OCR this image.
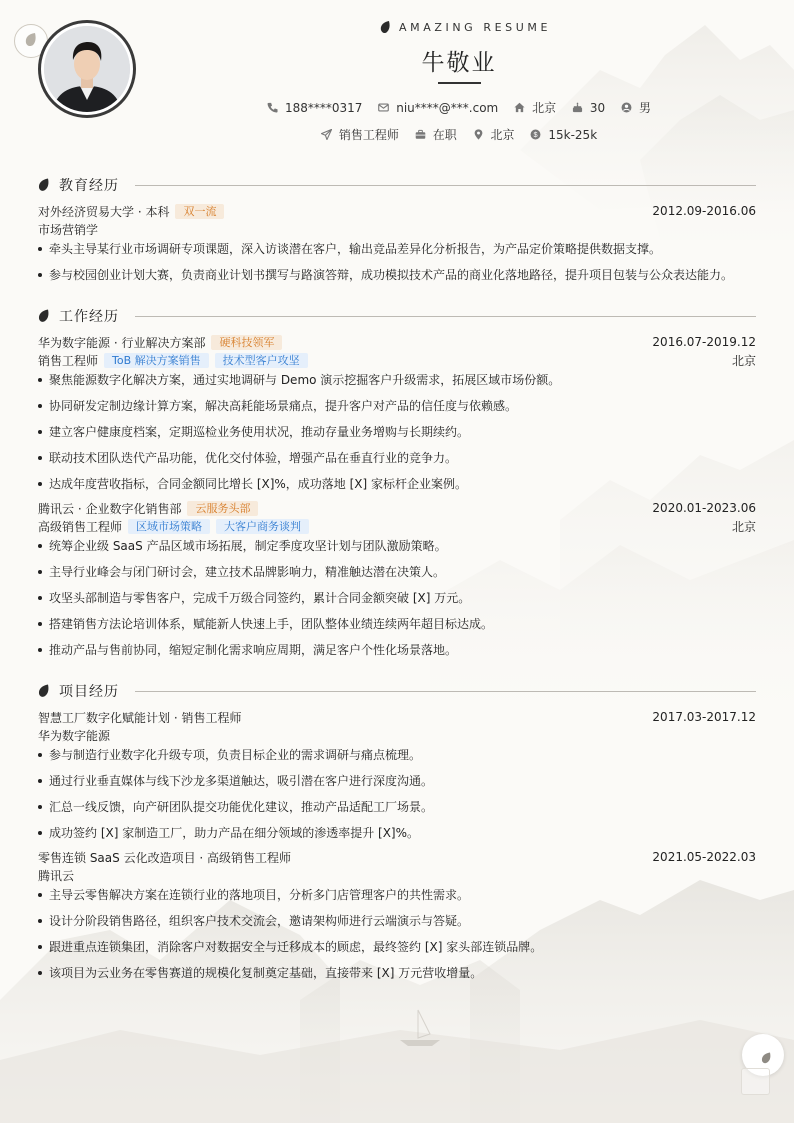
AMAZING RESUME
牛敬业
188****0317
	niu****@***.com
	北京
	30
	男
销售工程师
	在职
	北京
$ 15k-25k
教育经历
对外经济贸易大学 · 本科	双一流	2012.09-2016.06
市场营销学
牵头主导某行业市场调研专项课题，深入访谈潜在客户，输出竞品差异化分析报告，为产品定价策略提供数据支撑。
参与校园创业计划大赛，负责商业计划书撰写与路演答辩，成功模拟技术产品的商业化落地路径，提升项目包装与公众表达能力。
工作经历
华为数字能源 · 行业解决方案部	硬科技领军	2016.07-2019.12
销售工程师	ToB 解决方案销售	技术型客户攻坚	北京
聚焦能源数字化解决方案，通过实地调研与 Demo 演示挖掘客户升级需求，拓展区域市场份额。
协同研发定制边缘计算方案，解决高耗能场景痛点，提升客户对产品的信任度与依赖感。
建立客户健康度档案，定期巡检业务使用状况，推动存量业务增购与长期续约。
联动技术团队迭代产品功能，优化交付体验，增强产品在垂直行业的竞争力。
达成年度营收指标，合同金额同比增长 [X]%，成功落地 [X] 家标杆企业案例。
腾讯云 · 企业数字化销售部	云服务头部	2020.01-2023.06
高级销售工程师	区域市场策略	大客户商务谈判	北京
统筹企业级 SaaS 产品区域市场拓展，制定季度攻坚计划与团队激励策略。
主导行业峰会与闭门研讨会，建立技术品牌影响力，精准触达潜在决策人。
攻坚头部制造与零售客户，完成千万级合同签约，累计合同金额突破 [X] 万元。
搭建销售方法论培训体系，赋能新人快速上手，团队整体业绩连续两年超目标达成。
推动产品与售前协同，缩短定制化需求响应周期，满足客户个性化场景落地。
项目经历
智慧工厂数字化赋能计划 · 销售工程师	2017.03-2017.12
华为数字能源
参与制造行业数字化升级专项，负责目标企业的需求调研与痛点梳理。
通过行业垂直媒体与线下沙龙多渠道触达，吸引潜在客户进行深度沟通。
汇总一线反馈，向产研团队提交功能优化建议，推动产品适配工厂场景。
成功签约 [X] 家制造工厂，助力产品在细分领域的渗透率提升 [X]%。
零售连锁 SaaS 云化改造项目 · 高级销售工程师	2021.05-2022.03
腾讯云
主导云零售解决方案在连锁行业的落地项目，分析多门店管理客户的共性需求。
设计分阶段销售路径，组织客户技术交流会，邀请架构师进行云端演示与答疑。
跟进重点连锁集团，消除客户对数据安全与迁移成本的顾虑，最终签约 [X] 家头部连锁品牌。
该项目为云业务在零售赛道的规模化复制奠定基础，直接带来 [X] 万元营收增量。
